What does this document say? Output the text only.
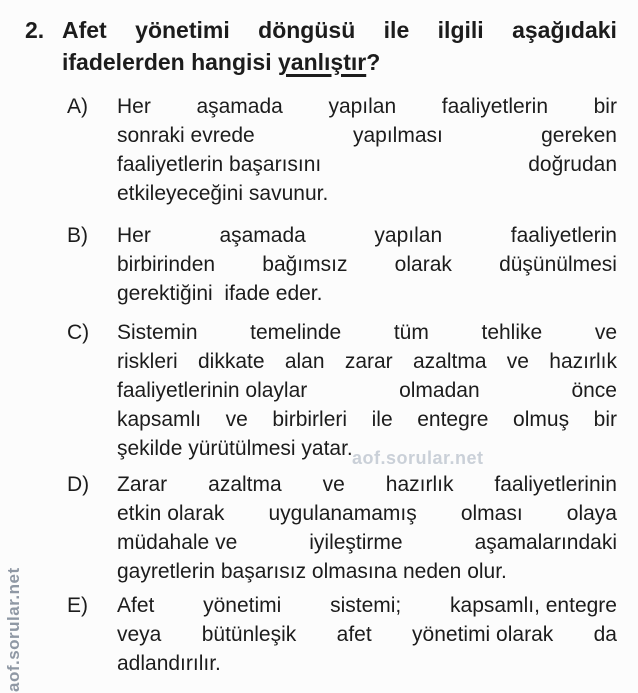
aof.sorular.net
aof.sorular.net
2. Afet yönetimi döngüsü ile ilgili aşağıdaki
ifadelerden hangisi yanlıştır ?
A)	Her aşamada yapılan faaliyetlerin bir
sonraki evrede	yapılması	gereken
faaliyetlerin başarısını	doğrudan
etkileyeceğini savunur.
B)	Her	aşamada	yapılan	faaliyetlerin
birbirinden bağımsız olarak düşünülmesi
gerektiğini  ifade eder.
C)	Sistemin	temelinde	tüm	tehlike	ve
riskleri dikkate alan zarar azaltma ve hazırlık
faaliyetlerinin olaylar	olmadan	önce
kapsamlı ve birbirleri ile entegre olmuş bir
şekilde yürütülmesi yatar.
D)	Zarar azaltma ve hazırlık faaliyetlerinin
etkin olarak uygulanamamış olması olaya
müdahale ve	iyileştirme	aşamalarındaki
gayretlerin başarısız olmasına neden olur.
E)	Afet yönetimi sistemi; kapsamlı, entegre
veya bütünleşik afet yönetimi olarak da
adlandırılır.
